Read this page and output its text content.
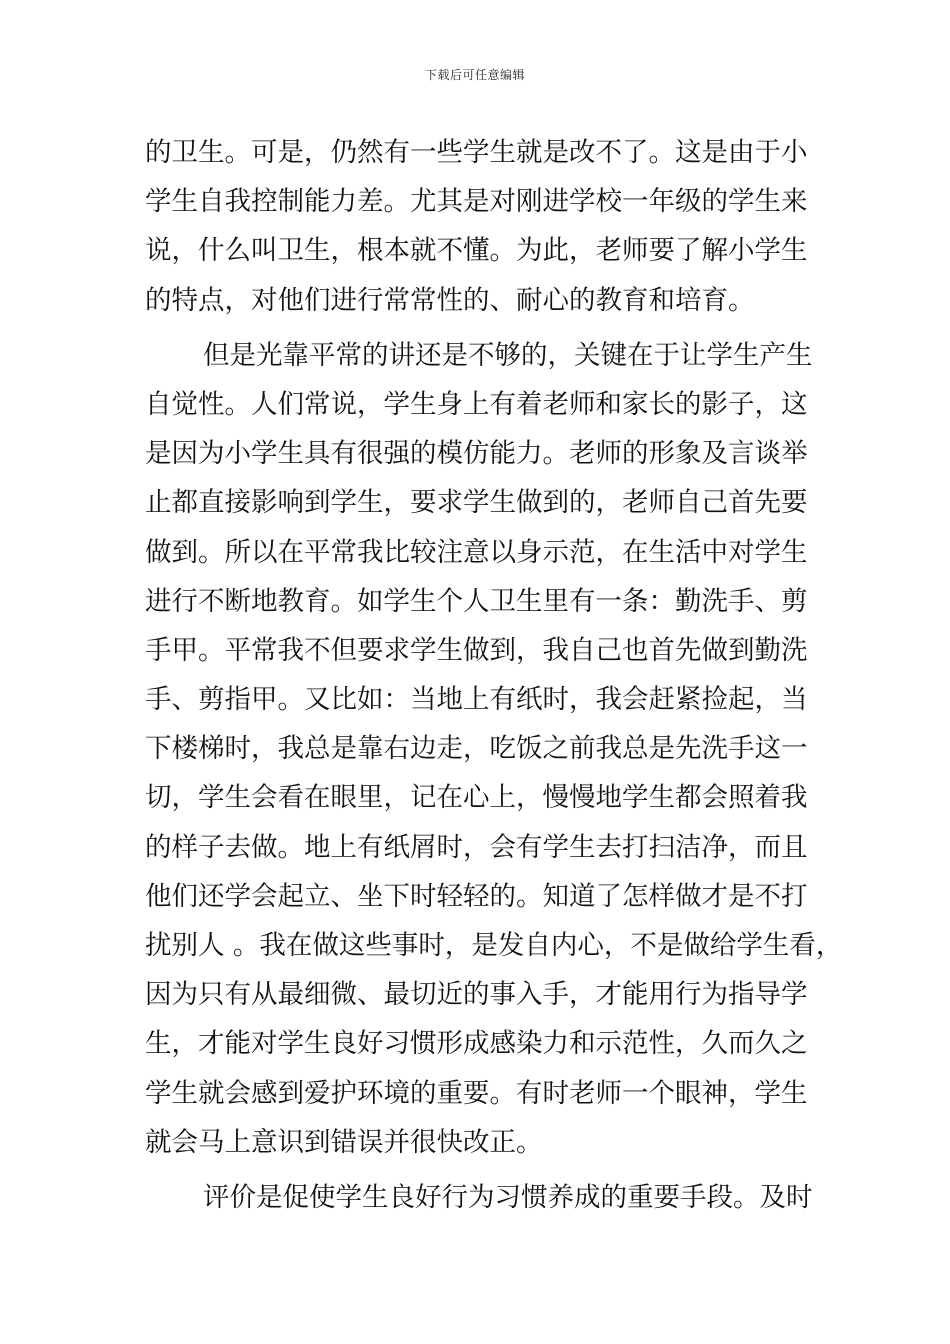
下载后可任意编辑
的卫生。可是，仍然有一些学生就是改不了。这是由于小
学生自我控制能力差。尤其是对刚进学校一年级的学生来
说，什么叫卫生，根本就不懂。为此，老师要了解小学生
的特点，对他们进行常常性的、耐心的教育和培育。
但是光靠平常的讲还是不够的，关键在于让学生产生
自觉性。人们常说，学生身上有着老师和家长的影子，这
是因为小学生具有很强的模仿能力。老师的形象及言谈举
止都直接影响到学生，要求学生做到的，老师自己首先要
做到。所以在平常我比较注意以身示范，在生活中对学生
进行不断地教育。如学生个人卫生里有一条：勤洗手、剪
手甲。平常我不但要求学生做到，我自己也首先做到勤洗
手、剪指甲。又比如：当地上有纸时，我会赶紧捡起，当
下楼梯时，我总是靠右边走，吃饭之前我总是先洗手这一
切，学生会看在眼里，记在心上，慢慢地学生都会照着我
的样子去做。地上有纸屑时，会有学生去打扫洁净，而且
他们还学会起立、坐下时轻轻的。知道了怎样做才是不打
扰别人 。我在做这些事时，是发自内心，不是做给学生看，
因为只有从最细微、最切近的事入手，才能用行为指导学
生，才能对学生良好习惯形成感染力和示范性，久而久之
学生就会感到爱护环境的重要。有时老师一个眼神，学生
就会马上意识到错误并很快改正。
评价是促使学生良好行为习惯养成的重要手段。及时
